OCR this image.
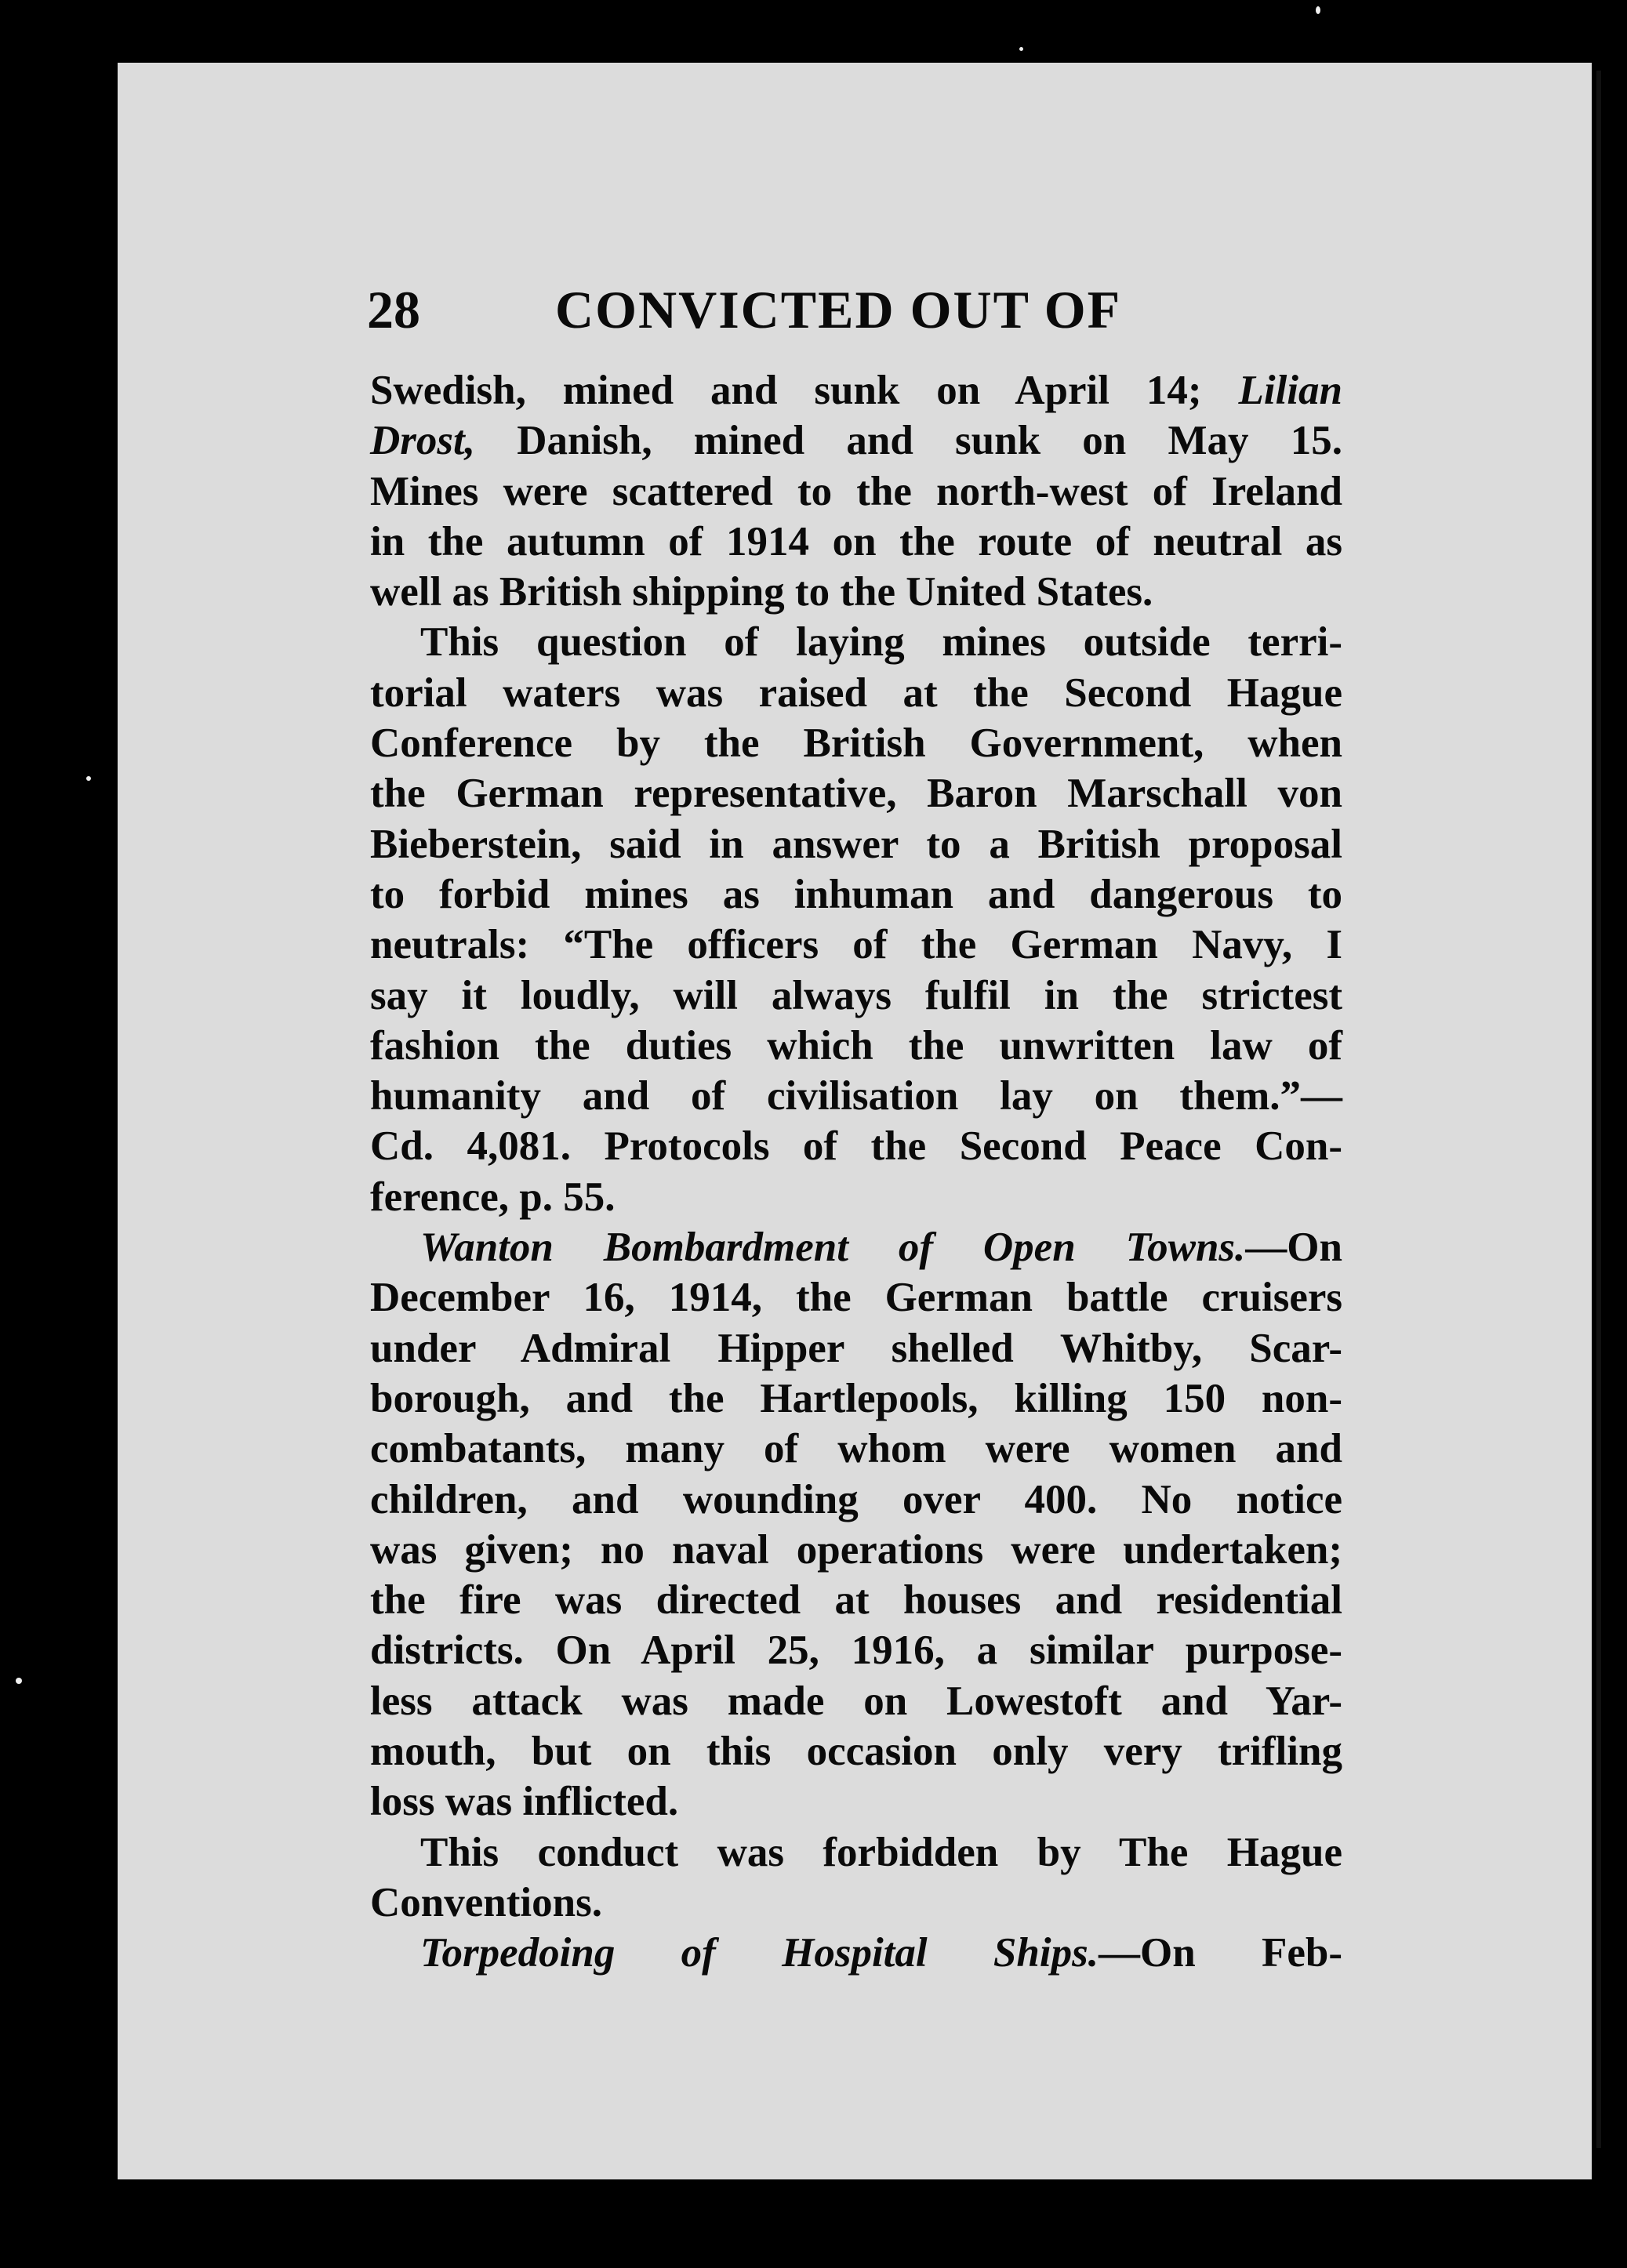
28	CONVICTED OUT OF
Swedish, mined and sunk on April 14; Lilian
Drost, Danish, mined and sunk on May 15.
Mines were scattered to the north-west of Ireland
in the autumn of 1914 on the route of neutral as
well as British shipping to the United States.
This question of laying mines outside terri-
torial waters was raised at the Second Hague
Conference by the British Government, when
the German representative, Baron Marschall von
Bieberstein, said in answer to a British proposal
to forbid mines as inhuman and dangerous to
neutrals: “The officers of the German Navy, I
say it loudly, will always fulfil in the strictest
fashion the duties which the unwritten law of
humanity and of civilisation lay on them.”—
Cd. 4,081. Protocols of the Second Peace Con-
ference, p. 55.
Wanton Bombardment of Open Towns.—On
December 16, 1914, the German battle cruisers
under Admiral Hipper shelled Whitby, Scar-
borough, and the Hartlepools, killing 150 non-
combatants, many of whom were women and
children, and wounding over 400. No notice
was given; no naval operations were undertaken;
the fire was directed at houses and residential
districts. On April 25, 1916, a similar purpose-
less attack was made on Lowestoft and Yar-
mouth, but on this occasion only very trifling
loss was inflicted.
This conduct was forbidden by The Hague
Conventions.
Torpedoing of Hospital Ships.—On Feb-
